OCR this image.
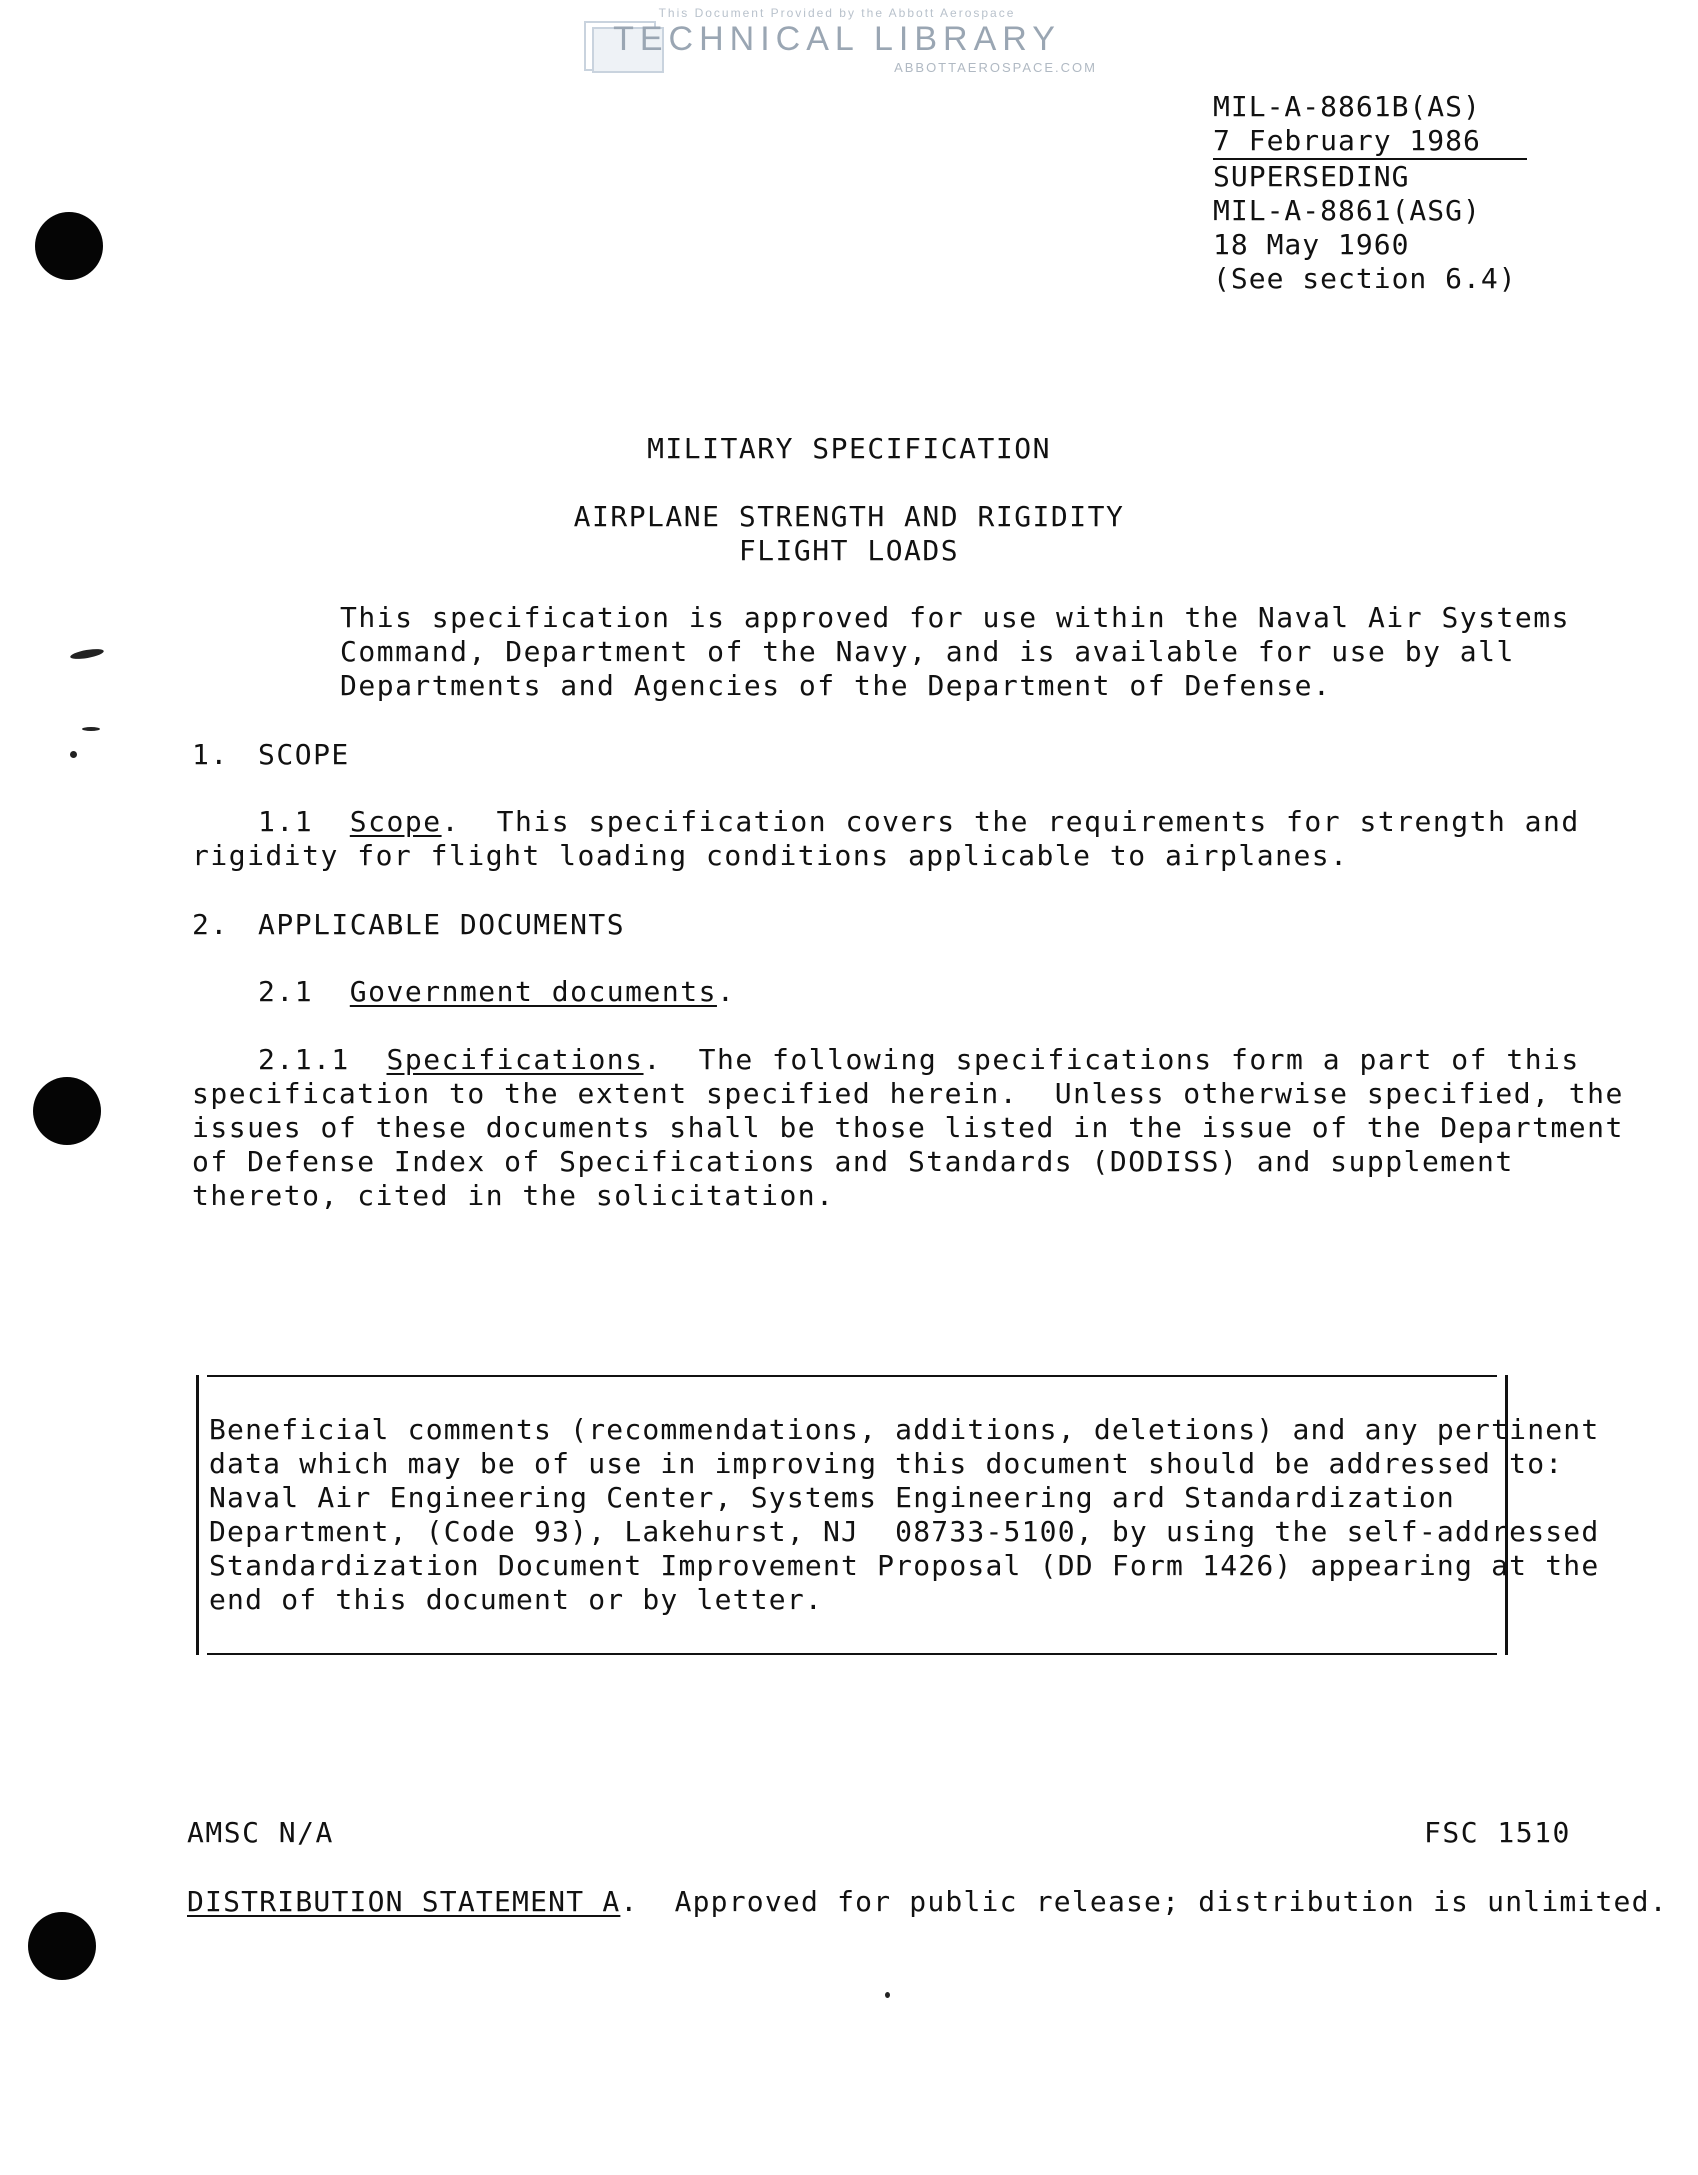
This Document Provided by the Abbott Aerospace
TECHNICAL LIBRARY
ABBOTTAEROSPACE.COM
MIL-A-8861B(AS)
7 February 1986
SUPERSEDING
MIL-A-8861(ASG)
18 May 1960
(See section 6.4)
MILITARY SPECIFICATION
AIRPLANE STRENGTH AND RIGIDITY
FLIGHT LOADS
This specification is approved for use within the Naval Air Systems
Command, Department of the Navy, and is available for use by all
Departments and Agencies of the Department of Defense.
1. SCOPE
1.1 Scope.  This specification covers the requirements for strength and
rigidity for flight loading conditions applicable to airplanes.
2. APPLICABLE DOCUMENTS
2.1 Government documents.
2.1.1 Specifications.  The following specifications form a part of this
specification to the extent specified herein.  Unless otherwise specified, the
issues of these documents shall be those listed in the issue of the Department
of Defense Index of Specifications and Standards (DODISS) and supplement
thereto, cited in the solicitation.
Beneficial comments (recommendations, additions, deletions) and any pertinent
data which may be of use in improving this document should be addressed to:
Naval Air Engineering Center, Systems Engineering ard Standardization
Department, (Code 93), Lakehurst, NJ  08733-5100, by using the self-addressed
Standardization Document Improvement Proposal (DD Form 1426) appearing at the
end of this document or by letter.
AMSC N/A	FSC 1510
DISTRIBUTION STATEMENT A.  Approved for public release; distribution is unlimited.
